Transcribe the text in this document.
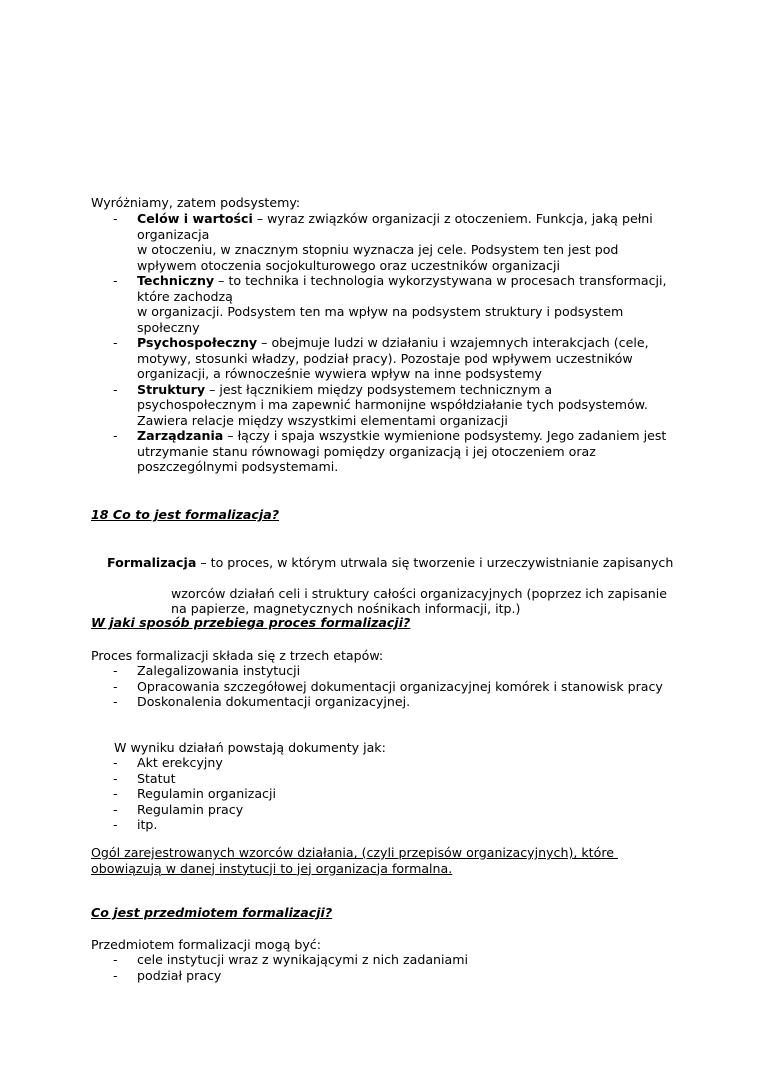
Wyróżniamy, zatem podsystemy:
- Celów i wartości – wyraz związków organizacji z otoczeniem. Funkcja, jaką pełni organizacja
w otoczeniu, w znacznym stopniu wyznacza jej cele. Podsystem ten jest pod wpływem otoczenia socjokulturowego oraz uczestników organizacji
- Techniczny – to technika i technologia wykorzystywana w procesach transformacji, które zachodzą
w organizacji. Podsystem ten ma wpływ na podsystem struktury i podsystem społeczny
- Psychospołeczny – obejmuje ludzi w działaniu i wzajemnych interakcjach (cele, motywy, stosunki władzy, podział pracy). Pozostaje pod wpływem uczestników organizacji, a równocześnie wywiera wpływ na inne podsystemy
- Struktury – jest łącznikiem między podsystemem technicznym a psychospołecznym i ma zapewnić harmonijne współdziałanie tych podsystemów. Zawiera relacje między wszystkimi elementami organizacji
- Zarządzania – łączy i spaja wszystkie wymienione podsystemy. Jego zadaniem jest utrzymanie stanu równowagi pomiędzy organizacją i jej otoczeniem oraz poszczególnymi podsystemami.
18 Co to jest formalizacja?

Formalizacja – to proces, w którym utrwala się tworzenie i urzeczywistnianie zapisanych

wzorców działań celi i struktury całości organizacyjnych (poprzez ich zapisanie na papierze, magnetycznych nośnikach informacji, itp.)

W jaki sposób przebiega proces formalizacji?
Proces formalizacji składa się z trzech etapów:
- Zalegalizowania instytucji
- Opracowania szczegółowej dokumentacji organizacyjnej komórek i stanowisk pracy
- Doskonalenia dokumentacji organizacyjnej.
W wyniku działań powstają dokumenty jak:
- Akt erekcyjny
- Statut
- Regulamin organizacji
- Regulamin pracy
- itp.
Ogól zarejestrowanych wzorców działania, (czyli przepisów organizacyjnych), które obowiązują w danej instytucji to jej organizacja formalna.
Co jest przedmiotem formalizacji?
Przedmiotem formalizacji mogą być:
- cele instytucji wraz z wynikającymi z nich zadaniami
- podział pracy
